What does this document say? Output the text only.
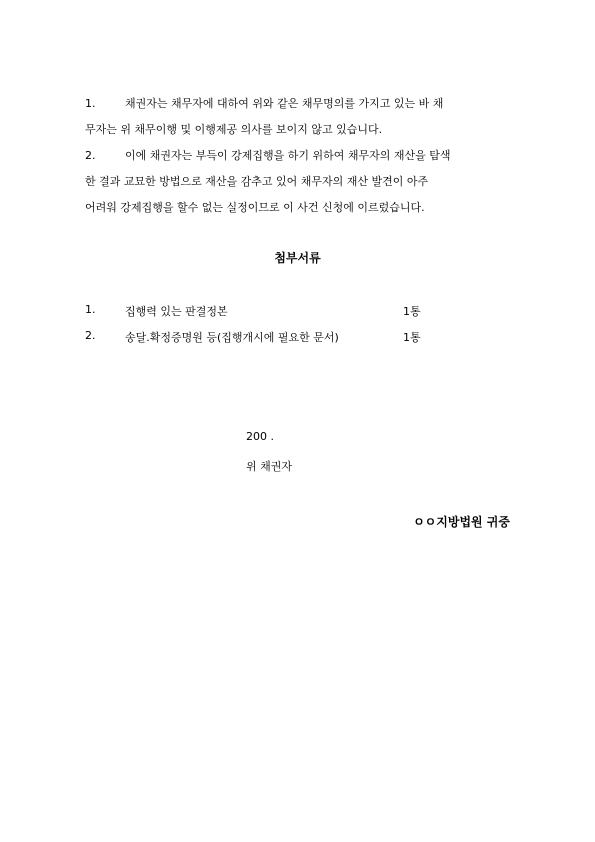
1.	채권자는 채무자에 대하여 위와 같은 채무명의를 가지고 있는 바 채
무자는 위 채무이행 및 이행제공 의사를 보이지 않고 있습니다.
2.	이에 채권자는 부득이 강제집행을 하기 위하여 채무자의 재산을 탐색
한 결과 교묘한 방법으로 재산을 감추고 있어 채무자의 재산 발견이 아주
어려워 강제집행을 할수 없는 실정이므로 이 사건 신청에 이르렀습니다.
첨부서류
1.	집행력 있는 판결정본	1통
2.	송달.확정증명원 등(집행개시에 필요한 문서)	1통
200 .
위 채권자
ㅇㅇ지방법원 귀중
